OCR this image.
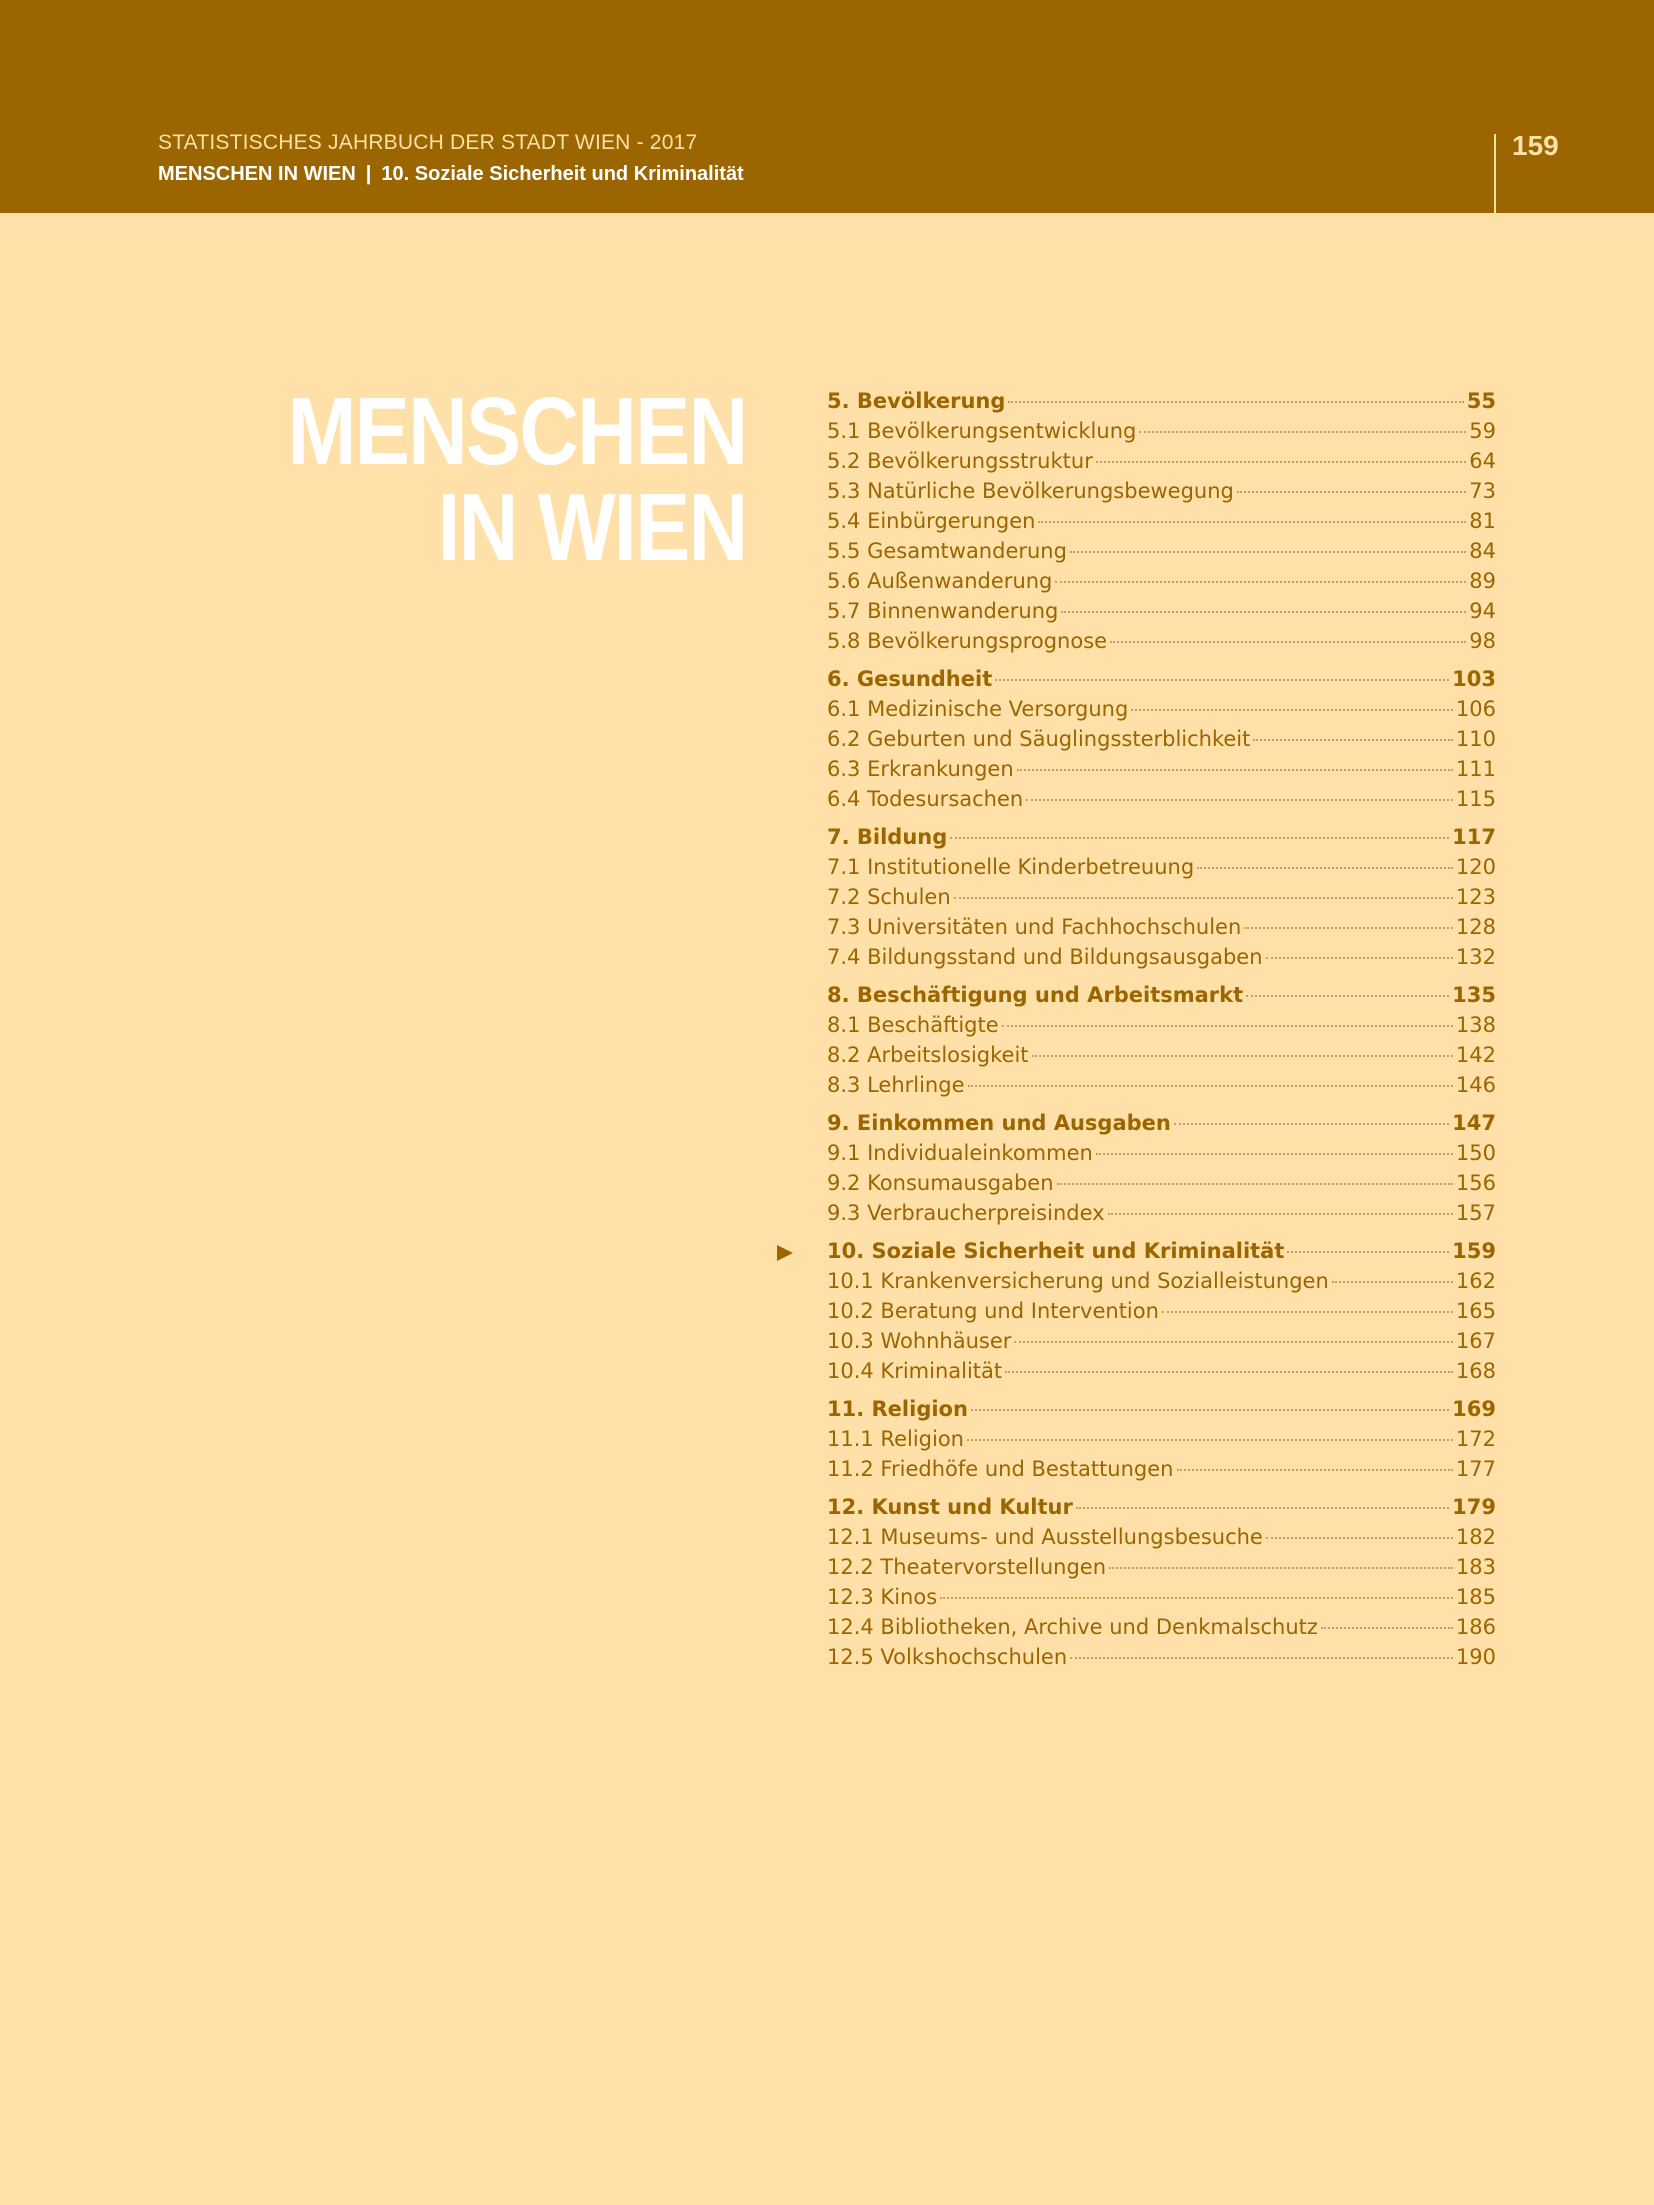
STATISTISCHES JAHRBUCH DER STADT WIEN - 2017
MENSCHEN IN WIEN | 10. Soziale Sicherheit und Kriminalität
159
MENSCHEN
IN WIEN
5. Bevölkerung	55
5.1 Bevölkerungsentwicklung	59
5.2 Bevölkerungsstruktur	64
5.3 Natürliche Bevölkerungsbewegung	73
5.4 Einbürgerungen	81
5.5 Gesamtwanderung	84
5.6 Außenwanderung	89
5.7 Binnenwanderung	94
5.8 Bevölkerungsprognose	98
6. Gesundheit	103
6.1 Medizinische Versorgung	106
6.2 Geburten und Säuglingssterblichkeit	110
6.3 Erkrankungen	111
6.4 Todesursachen	115
7. Bildung	117
7.1 Institutionelle Kinderbetreuung	120
7.2 Schulen	123
7.3 Universitäten und Fachhochschulen	128
7.4 Bildungsstand und Bildungsausgaben	132
8. Beschäftigung und Arbeitsmarkt	135
8.1 Beschäftigte	138
8.2 Arbeitslosigkeit	142
8.3 Lehrlinge	146
9. Einkommen und Ausgaben	147
9.1 Individualeinkommen	150
9.2 Konsumausgaben	156
9.3 Verbraucherpreisindex	157
10. Soziale Sicherheit und Kriminalität	159
10.1 Krankenversicherung und Sozialleistungen	162
10.2 Beratung und Intervention	165
10.3 Wohnhäuser	167
10.4 Kriminalität	168
11. Religion	169
11.1 Religion	172
11.2 Friedhöfe und Bestattungen	177
12. Kunst und Kultur	179
12.1 Museums- und Ausstellungsbesuche	182
12.2 Theatervorstellungen	183
12.3 Kinos	185
12.4 Bibliotheken, Archive und Denkmalschutz	186
12.5 Volkshochschulen	190
